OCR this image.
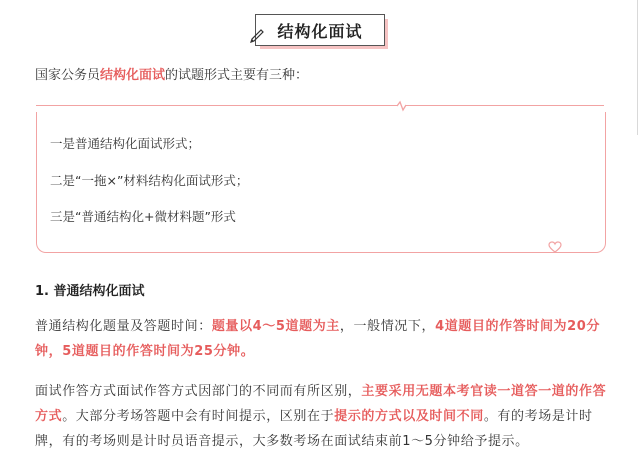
结构化面试

国家公务员结构化面试的试题形式主要有三种：

一是普通结构化面试形式；
二是“一拖×”材料结构化面试形式；
三是“普通结构化+微材料题”形式
1. 普通结构化面试
普通结构化题量及答题时间：题量以4～5道题为主，一般情况下，4道题目的作答时间为20分钟，5道题目的作答时间为25分钟。
面试作答方式面试作答方式因部门的不同而有所区别，主要采用无题本考官读一道答一道的作答方式。大部分考场答题中会有时间提示，区别在于提示的方式以及时间不同。有的考场是计时牌，有的考场则是计时员语音提示，大多数考场在面试结束前1～5分钟给予提示。
